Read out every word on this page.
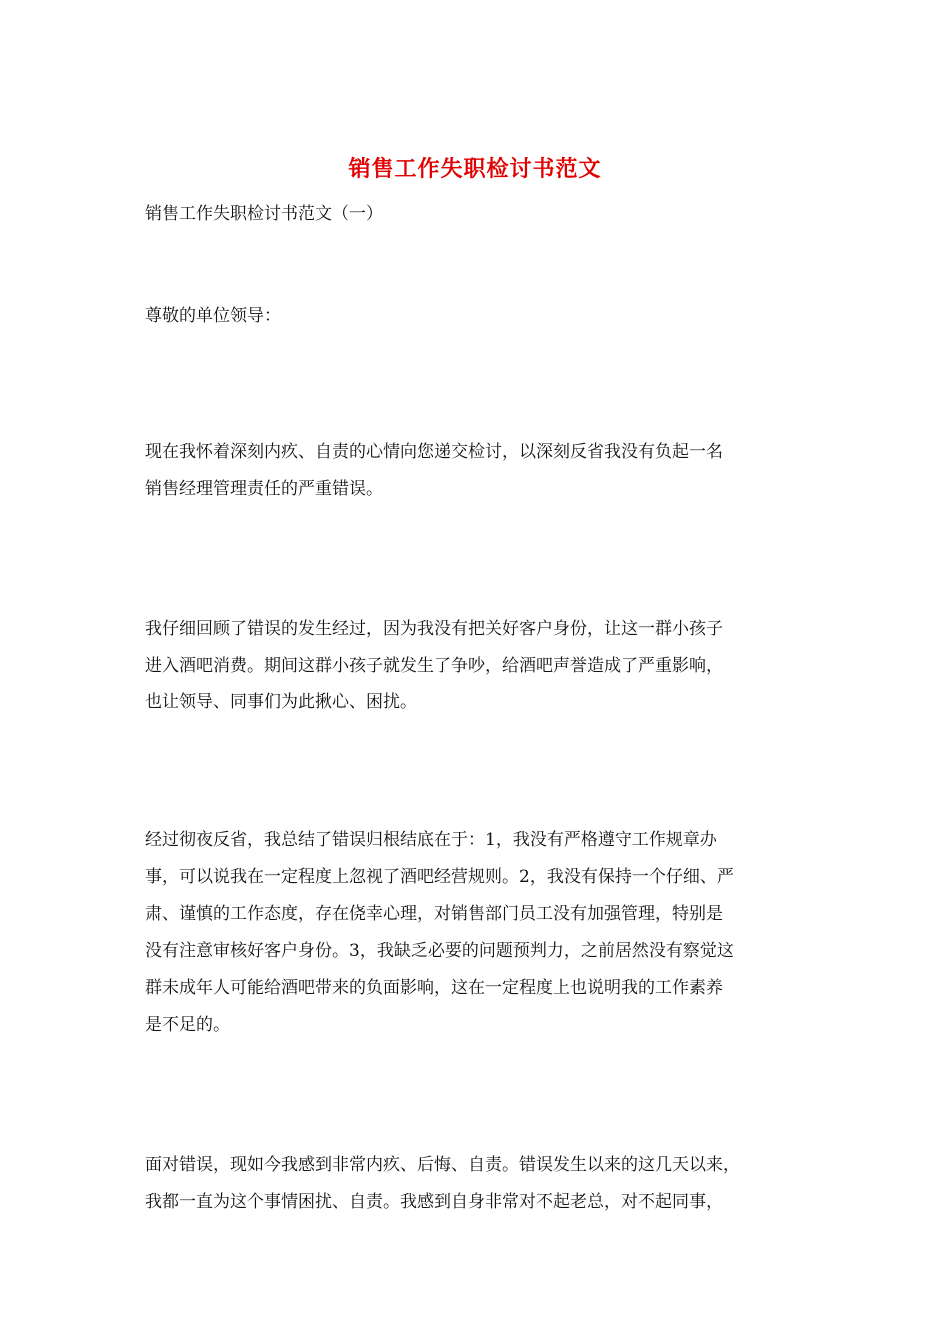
销售工作失职检讨书范文
销售工作失职检讨书范文（一）
尊敬的单位领导：
现在我怀着深刻内疚、自责的心情向您递交检讨，以深刻反省我没有负起一名
销售经理管理责任的严重错误。
我仔细回顾了错误的发生经过，因为我没有把关好客户身份，让这一群小孩子
进入酒吧消费。期间这群小孩子就发生了争吵，给酒吧声誉造成了严重影响，
也让领导、同事们为此揪心、困扰。
经过彻夜反省，我总结了错误归根结底在于：1，我没有严格遵守工作规章办
事，可以说我在一定程度上忽视了酒吧经营规则。2，我没有保持一个仔细、严
肃、谨慎的工作态度，存在侥幸心理，对销售部门员工没有加强管理，特别是
没有注意审核好客户身份。3，我缺乏必要的问题预判力，之前居然没有察觉这
群未成年人可能给酒吧带来的负面影响，这在一定程度上也说明我的工作素养
是不足的。
面对错误，现如今我感到非常内疚、后悔、自责。错误发生以来的这几天以来，
我都一直为这个事情困扰、自责。我感到自身非常对不起老总，对不起同事，
